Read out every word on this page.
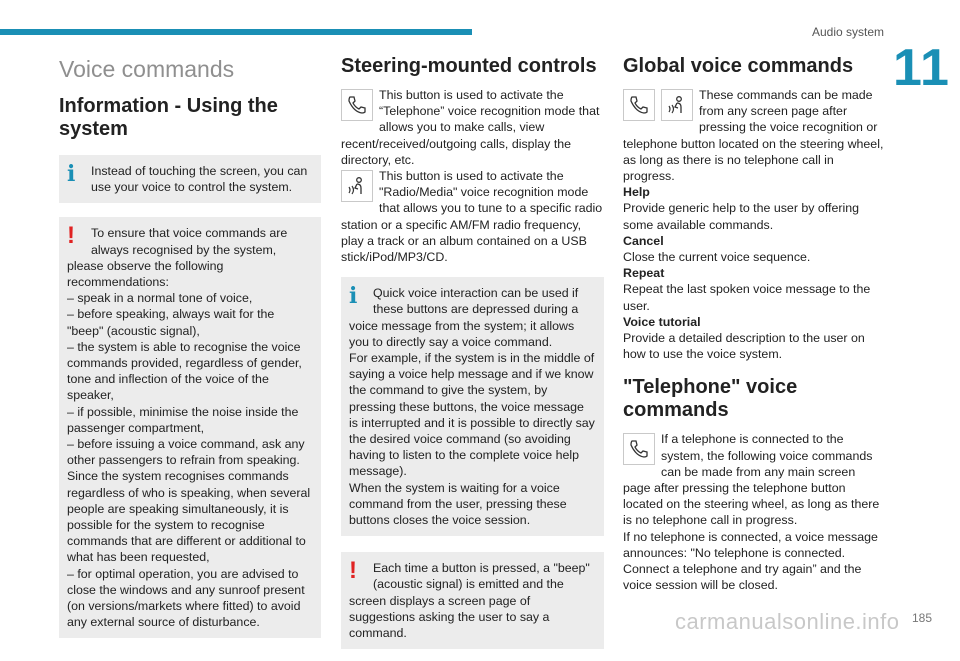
Audio system
11
Voice commands
Information - Using the system
i	Instead of touching the screen, you can use your voice to control the system.

!	To ensure that voice commands are always recognised by the system, please observe the following recommendations:

– speak in a normal tone of voice,

– before speaking, always wait for the "beep" (acoustic signal),

– the system is able to recognise the voice commands provided, regardless of gender, tone and inflection of the voice of the speaker,

– if possible, minimise the noise inside the passenger compartment,

– before issuing a voice command, ask any other passengers to refrain from speaking. Since the system recognises commands regardless of who is speaking, when several people are speaking simultaneously, it is possible for the system to recognise commands that are different or additional to what has been requested,

– for optimal operation, you are advised to close the windows and any sunroof present (on versions/markets where fitted) to avoid any external source of disturbance.

Steering-mounted controls

This button is used to activate the “Telephone” voice recognition mode that allows you to make calls, view recent/received/outgoing calls, display the directory, etc.

This button is used to activate the "Radio/Media" voice recognition mode that allows you to tune to a specific radio station or a specific AM/FM radio frequency, play a track or an album contained on a USB stick/iPod/MP3/CD.

i	Quick voice interaction can be used if these buttons are depressed during a voice message from the system; it allows you to directly say a voice command.

For example, if the system is in the middle of saying a voice help message and if we know the command to give the system, by pressing these buttons, the voice message is interrupted and it is possible to directly say the desired voice command (so avoiding having to listen to the complete voice help message).

When the system is waiting for a voice command from the user, pressing these buttons closes the voice session.

!	Each time a button is pressed, a "beep" (acoustic signal) is emitted and the screen displays a screen page of suggestions asking the user to say a command.

Global voice commands

These commands can be made from any screen page after pressing the voice recognition or telephone button located on the steering wheel, as long as there is no telephone call in progress.

Help

Provide generic help to the user by offering some available commands.

Cancel

Close the current voice sequence.

Repeat

Repeat the last spoken voice message to the user.

Voice tutorial

Provide a detailed description to the user on how to use the voice system.

"Telephone" voice commands

If a telephone is connected to the system, the following voice commands can be made from any main screen page after pressing the telephone button located on the steering wheel, as long as there is no telephone call in progress.

If no telephone is connected, a voice message announces: "No telephone is connected. Connect a telephone and try again” and the voice session will be closed.

carmanualsonline.info 185
